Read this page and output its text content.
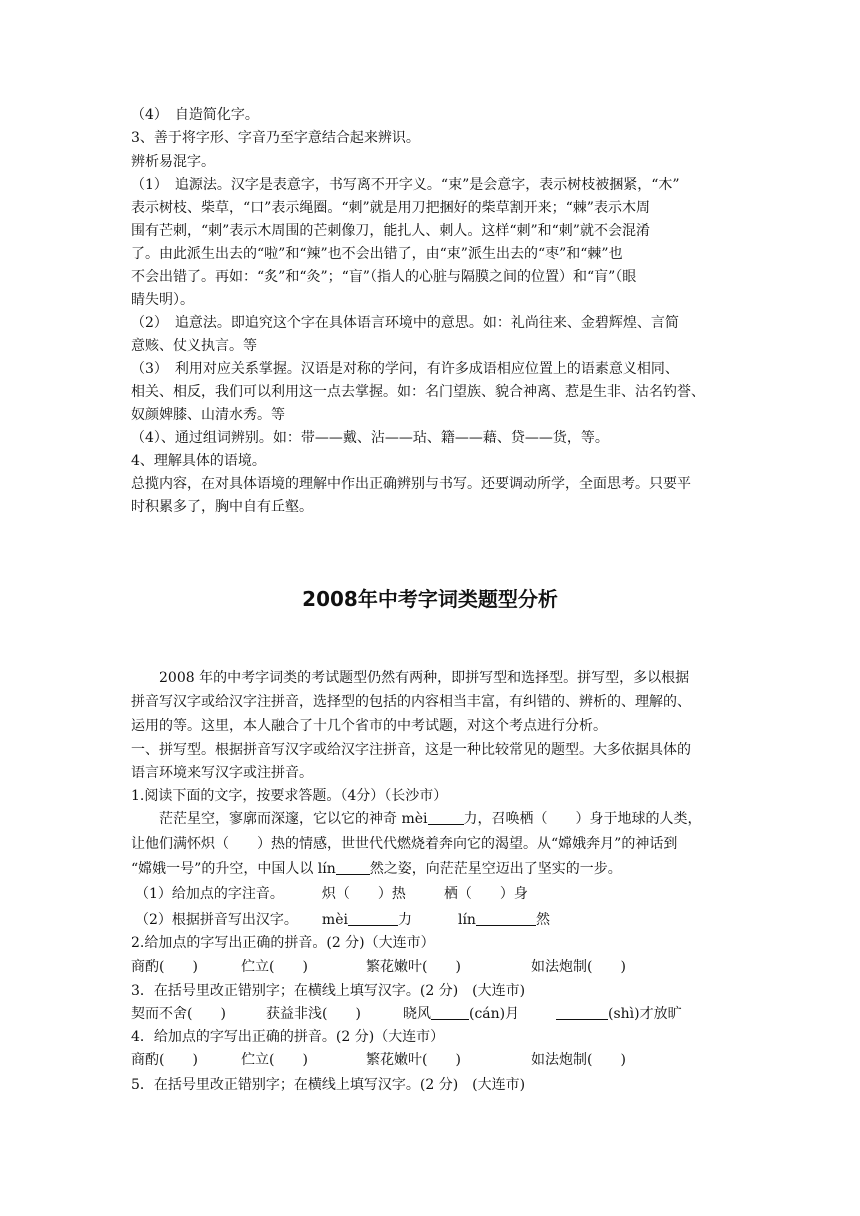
（4）　自造简化字。
3、善于将字形、字音乃至字意结合起来辨识。
辨析易混字。
（1）　追源法。汉字是表意字，书写离不开字义。“束”是会意字，表示树枝被捆紧，“木”
表示树枝、柴草，“口”表示绳圈。“刺”就是用刀把捆好的柴草割开来；“棘”表示木周
围有芒刺，“刺”表示木周围的芒刺像刀，能扎人、刺人。这样“刺”和“刺”就不会混淆
了。由此派生出去的“啦”和“辣”也不会出错了，由“束”派生出去的“枣”和“棘”也
不会出错了。再如：“炙”和“灸”；“盲”（指人的心脏与隔膜之间的位置）和“肓”（眼
睛失明）。
（2）　追意法。即追究这个字在具体语言环境中的意思。如：礼尚往来、金碧辉煌、言简
意赅、仗义执言。等
（3）　利用对应关系掌握。汉语是对称的学问，有许多成语相应位置上的语素意义相同、
相关、相反，我们可以利用这一点去掌握。如：名门望族、貌合神离、惹是生非、沽名钓誉、
奴颜婢膝、山清水秀。等
（4）、通过组词辨别。如：带——戴、沾——玷、籍——藉、贷——货，等。
4、理解具体的语境。
总揽内容，在对具体语境的理解中作出正确辨别与书写。还要调动所学，全面思考。只要平
时积累多了，胸中自有丘壑。
2008年中考字词类题型分析
　　2008 年的中考字词类的考试题型仍然有两种，即拼写型和选择型。拼写型，多以根据
拼音写汉字或给汉字注拼音，选择型的包括的内容相当丰富，有纠错的、辨析的、理解的、
运用的等。这里，本人融合了十几个省市的中考试题，对这个考点进行分析。
一、拼写型。根据拼音写汉字或给汉字注拼音，这是一种比较常见的题型。大多依据具体的
语言环境来写汉字或注拼音。
1.阅读下面的文字，按要求答题。（4分）（长沙市）
　　茫茫星空，寥廓而深邃，它以它的神奇 mèi	力，召唤栖（　　）身于地球的人类，
让他们满怀炽（　　）热的情感，世世代代燃烧着奔向它的渴望。从“嫦娥奔月”的神话到
“嫦娥一号”的升空，中国人以 lín 然之姿，向茫茫星空迈出了坚实的一步。
（1）给加点的字注音。	炽（　　）热	栖（　　）身
（2）根据拼音写出汉字。 mèi	力	lín	然
2.给加点的字写出正确的拼音。(2 分)（大连市）
商酌(　　)	伫立(　　)	繁花嫩叶(　　)	如法炮制(　　)
3．在括号里改正错别字；在横线上填写汉字。(2 分)　(大连市)
契而不舍(　　)	获益非浅(　　)	晓风	(cán)月	(shì)才放旷
4．给加点的字写出正确的拼音。(2 分)（大连市）
商酌(　　)	伫立(　　)	繁花嫩叶(　　)	如法炮制(　　)
5．在括号里改正错别字；在横线上填写汉字。(2 分)　(大连市)
